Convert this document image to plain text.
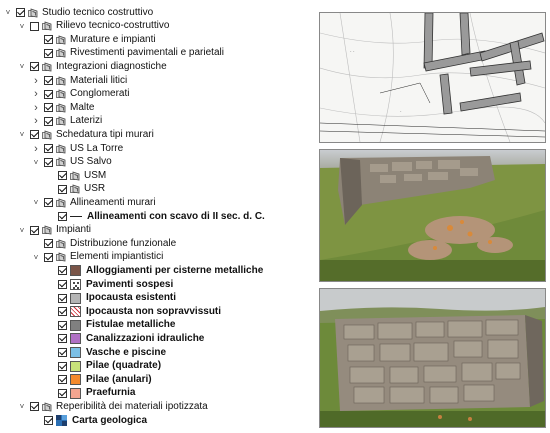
˅	Studio tecnico costruttivo
˅	Rilievo tecnico-costruttivo
Murature e impianti
Rivestimenti pavimentali e parietali
˅	Integrazioni diagnostiche
›	Materiali litici
›	Conglomerati
›	Malte
›	Laterizi
˅	Schedatura tipi murari
›	US La Torre
˅	US Salvo
USM
USR
˅	Allineamenti murari
Allineamenti con scavo di II sec. d. C.
˅	Impianti
Distribuzione funzionale
˅	Elementi impiantistici
Alloggiamenti per cisterne metalliche
Pavimenti sospesi
Ipocausta esistenti
Ipocausta non sopravvissuti
Fistulae metalliche
Canalizzazioni idrauliche
Vasche e piscine
Pilae (quadrate)
Pilae (anulari)
Praefurnia
˅	Reperibilità dei materiali ipotizzata
Carta geologica
· ·
·
